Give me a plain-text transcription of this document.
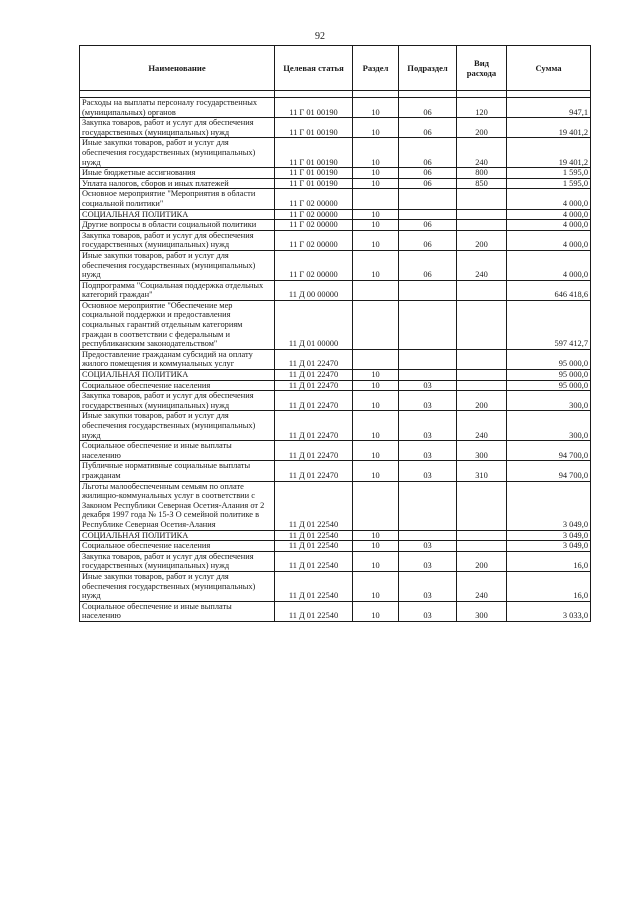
92
Наименование	Целевая статья	Раздел	Подраздел	Вид расхода	Сумма

Расходы на выплаты персоналу государственных (муниципальных) органов	11 Г 01 00190	10	06	120	947,1
Закупка товаров, работ и услуг для обеспечения государственных (муниципальных) нужд	11 Г 01 00190	10	06	200	19 401,2
Иные закупки товаров, работ и услуг для обеспечения государственных (муниципальных) нужд	11 Г 01 00190	10	06	240	19 401,2
Иные бюджетные ассигнования	11 Г 01 00190	10	06	800	1 595,0
Уплата налогов, сборов и иных платежей	11 Г 01 00190	10	06	850	1 595,0
Основное мероприятие "Мероприятия в области социальной политики"	11 Г 02 00000				4 000,0
СОЦИАЛЬНАЯ ПОЛИТИКА	11 Г 02 00000	10			4 000,0
Другие вопросы в области социальной политики	11 Г 02 00000	10	06		4 000,0
Закупка товаров, работ и услуг для обеспечения государственных (муниципальных) нужд	11 Г 02 00000	10	06	200	4 000,0
Иные закупки товаров, работ и услуг для обеспечения государственных (муниципальных) нужд	11 Г 02 00000	10	06	240	4 000,0
Подпрограмма "Социальная поддержка отдельных категорий граждан"	11 Д 00 00000				646 418,6
Основное мероприятие "Обеспечение мер социальной поддержки и предоставления социальных гарантий отдельным категориям граждан в соответствии с федеральным и республиканским законодательством"	11 Д 01 00000				597 412,7
Предоставление гражданам субсидий на оплату жилого помещения и коммунальных услуг	11 Д 01 22470				95 000,0
СОЦИАЛЬНАЯ ПОЛИТИКА	11 Д 01 22470	10			95 000,0
Социальное обеспечение населения	11 Д 01 22470	10	03		95 000,0
Закупка товаров, работ и услуг для обеспечения государственных (муниципальных) нужд	11 Д 01 22470	10	03	200	300,0
Иные закупки товаров, работ и услуг для обеспечения государственных (муниципальных) нужд	11 Д 01 22470	10	03	240	300,0
Социальное обеспечение и иные выплаты населению	11 Д 01 22470	10	03	300	94 700,0
Публичные нормативные социальные выплаты гражданам	11 Д 01 22470	10	03	310	94 700,0
Льготы малообеспеченным семьям по оплате жилищно-коммунальных услуг в соответствии с Законом Республики Северная Осетия-Алания от 2 декабря 1997 года № 15-З О семейной политике в Республике Северная Осетия-Алания	11 Д 01 22540				3 049,0
СОЦИАЛЬНАЯ ПОЛИТИКА	11 Д 01 22540	10			3 049,0
Социальное обеспечение населения	11 Д 01 22540	10	03		3 049,0
Закупка товаров, работ и услуг для обеспечения государственных (муниципальных) нужд	11 Д 01 22540	10	03	200	16,0
Иные закупки товаров, работ и услуг для обеспечения государственных (муниципальных) нужд	11 Д 01 22540	10	03	240	16,0
Социальное обеспечение и иные выплаты населению	11 Д 01 22540	10	03	300	3 033,0
